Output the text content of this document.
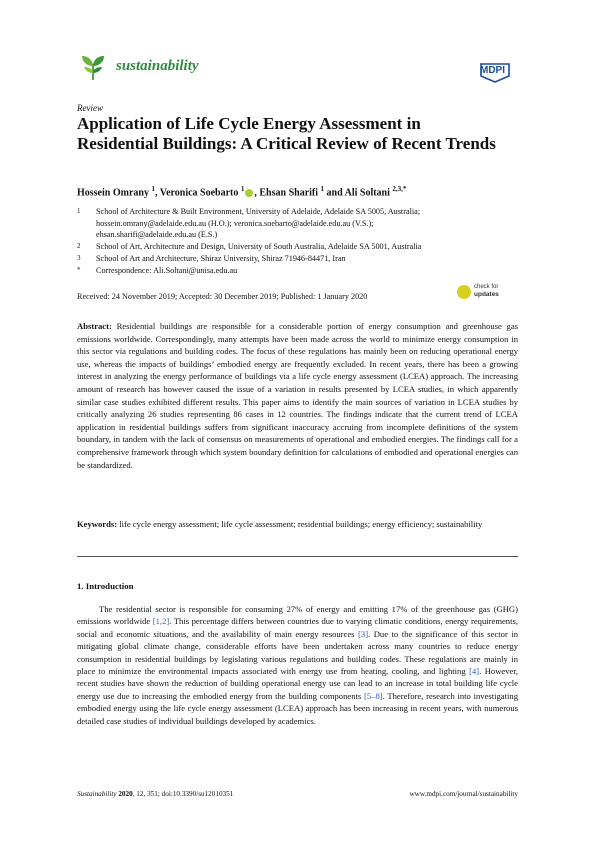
sustainability	MDPI
Review
Application of Life Cycle Energy Assessment in Residential Buildings: A Critical Review of Recent Trends
Hossein Omrany $^1$, Veronica Soebarto $^1$ , Ehsan Sharifi $^1$ and Ali Soltani $^{2,3,*}$
1	School of Architecture & Built Environment, University of Adelaide, Adelaide SA 5005, Australia;
hossein.omrany@adelaide.edu.au (H.O.); veronica.soebarto@adelaide.edu.au (V.S.);
ehsan.sharifi@adelaide.edu.au (E.S.)
2	School of Art, Architecture and Design, University of South Australia, Adelaide SA 5001, Australia
3	School of Art and Architecture, Shiraz University, Shiraz 71946-84471, Iran
*	Correspondence: Ali.Soltani@unisa.edu.au
Received: 24 November 2019; Accepted: 30 December 2019; Published: 1 January 2020
check for
updates
Abstract: Residential buildings are responsible for a considerable portion of energy consumption and greenhouse gas emissions worldwide. Correspondingly, many attempts have been made across the world to minimize energy consumption in this sector via regulations and building codes. The focus of these regulations has mainly been on reducing operational energy use, whereas the impacts of buildings’ embodied energy are frequently excluded. In recent years, there has been a growing interest in analyzing the energy performance of buildings via a life cycle energy assessment (LCEA) approach. The increasing amount of research has however caused the issue of a variation in results presented by LCEA studies, in which apparently similar case studies exhibited different results. This paper aims to identify the main sources of variation in LCEA studies by critically analyzing 26 studies representing 86 cases in 12 countries. The findings indicate that the current trend of LCEA application in residential buildings suffers from significant inaccuracy accruing from incomplete definitions of the system boundary, in tandem with the lack of consensus on measurements of operational and embodied energies. The findings call for a comprehensive framework through which system boundary definition for calculations of embodied and operational energies can be standardized.
Keywords: life cycle energy assessment; life cycle assessment; residential buildings; energy efficiency; sustainability
1. Introduction
The residential sector is responsible for consuming 27% of energy and emitting 17% of the greenhouse gas (GHG) emissions worldwide [1,2]. This percentage differs between countries due to varying climatic conditions, energy requirements, social and economic situations, and the availability of main energy resources [3]. Due to the significance of this sector in mitigating global climate change, considerable efforts have been undertaken across many countries to reduce energy consumption in residential buildings by legislating various regulations and building codes. These regulations are mainly in place to minimize the environmental impacts associated with energy use from heating, cooling, and lighting [4]. However, recent studies have shown the reduction of building operational energy use can lead to an increase in total building life cycle energy use due to increasing the embodied energy from the building components [5–8]. Therefore, research into investigating embodied energy using the life cycle energy assessment (LCEA) approach has been increasing in recent years, with numerous detailed case studies of individual buildings developed by academics.
Sustainability 2020, 12, 351; doi:10.3390/su12010351	www.mdpi.com/journal/sustainability
